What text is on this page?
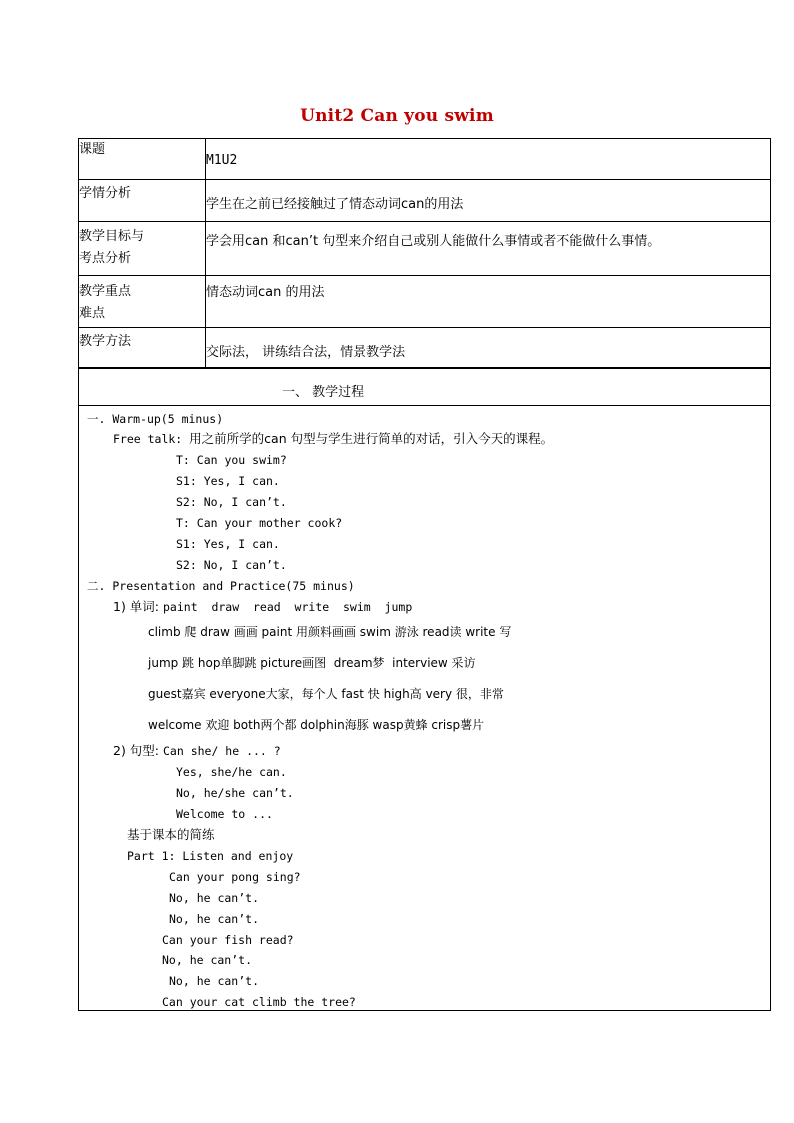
Unit2 Can you swim
课题	M1U2
学情分析	学生在之前已经接触过了情态动词can的用法

教学目标与
考点分析	学会用can 和can’t 句型来介绍自己或别人能做什么事情或者不能做什么事情。

教学重点
难点	情态动词can 的用法
教学方法	交际法， 讲练结合法，情景教学法
一、 教学过程
一. Warm-up(5 minus)
Free talk: 用之前所学的can 句型与学生进行简单的对话，引入今天的课程。
T: Can you swim?
S1: Yes, I can.
S2: No, I can’t.
T: Can your mother cook?
S1: Yes, I can.
S2: No, I can’t.
二. Presentation and Practice(75 minus)
1) 单词: paint  draw  read  write  swim  jump
climb 爬 draw 画画 paint 用颜料画画 swim 游泳 read读 write 写
jump 跳 hop单脚跳 picture画图  dream梦  interview 采访
guest嘉宾 everyone大家，每个人 fast 快 high高 very 很，非常
welcome 欢迎 both两个都 dolphin海豚 wasp黄蜂 crisp薯片
2) 句型: Can she/ he ... ?
Yes, she/he can.
No, he/she can’t.
Welcome to ...
基于课本的简练
Part 1: Listen and enjoy
Can your pong sing?
No, he can’t.
No, he can’t.
Can your fish read?
No, he can’t.
No, he can’t.
Can your cat climb the tree?
